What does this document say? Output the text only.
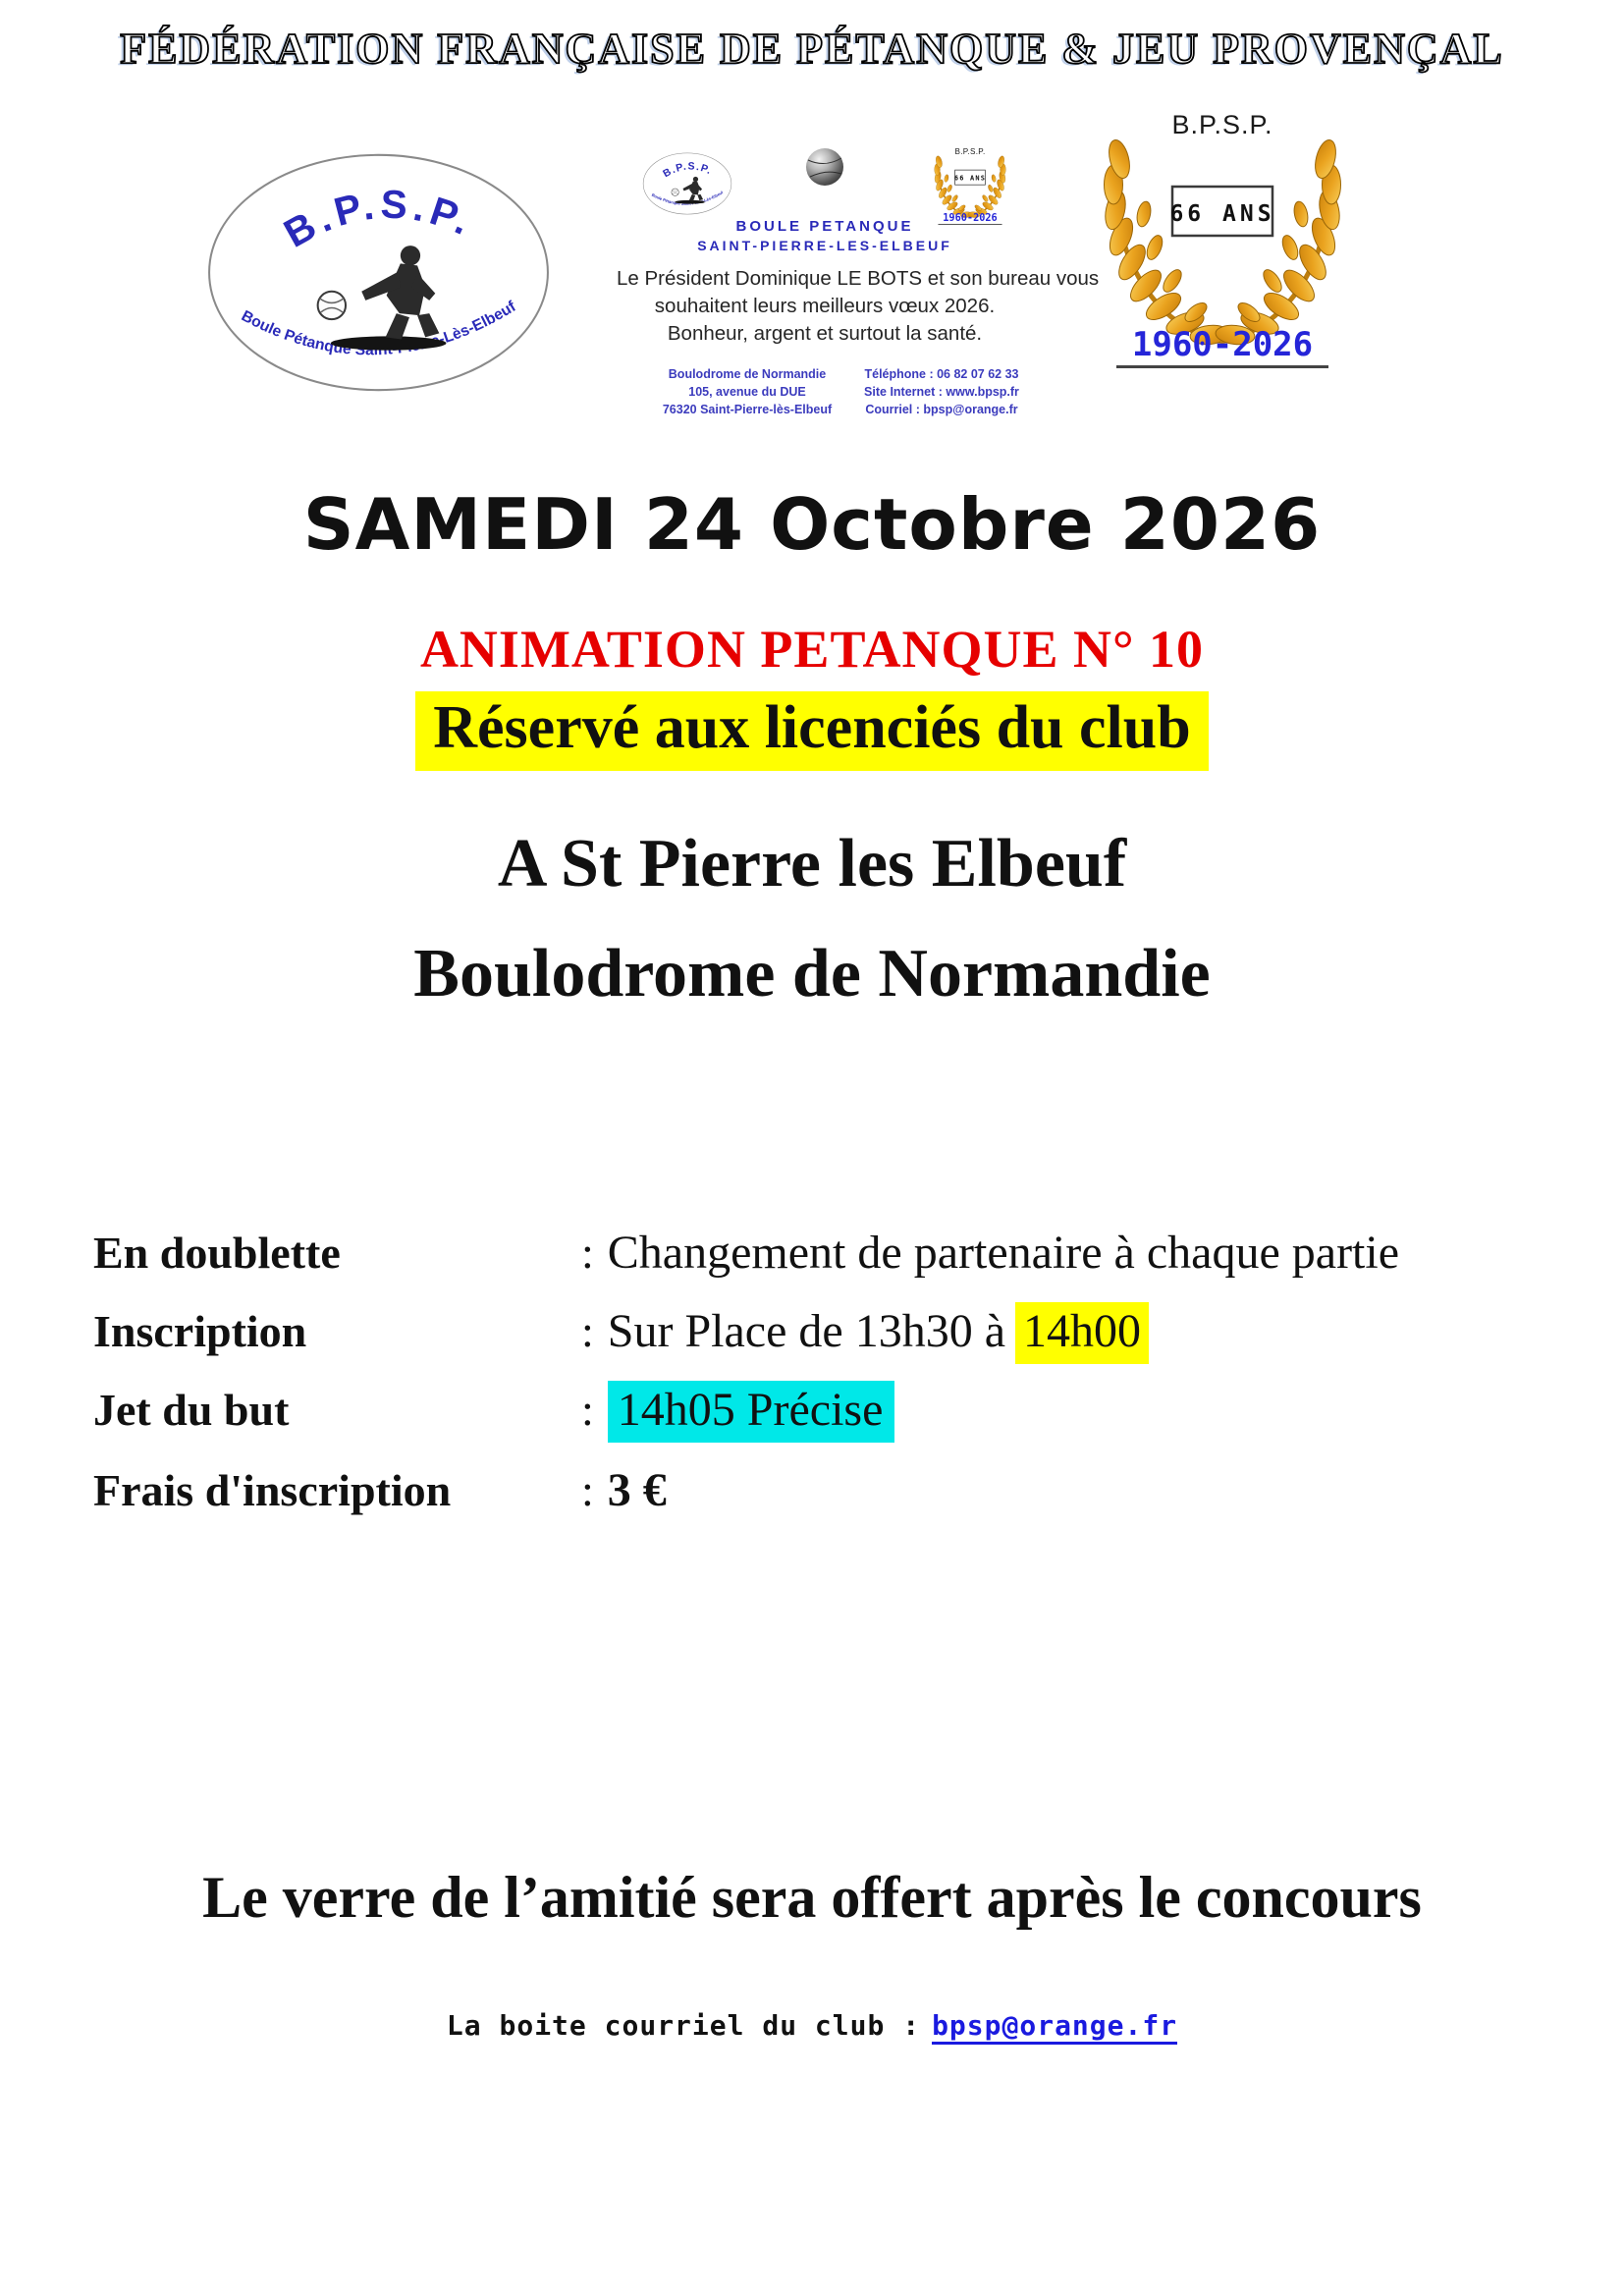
FÉDÉRATION FRANÇAISE DE PÉTANQUE & JEU PROVENÇAL
BOULE PETANQUE
SAINT-PIERRE-LES-ELBEUF
Le Président Dominique LE BOTS et son bureau vous
souhaitent leurs meilleurs vœux 2026.
Bonheur, argent et surtout la santé.
Boulodrome de Normandie
105, avenue du DUE
76320 Saint-Pierre-lès-Elbeuf
Téléphone : 06 82 07 62 33
Site Internet : www.bpsp.fr
Courriel : bpsp@orange.fr
SAMEDI 24 Octobre 2026
ANIMATION PETANQUE N° 10
Réservé aux licenciés du club
A St Pierre les Elbeuf
Boulodrome de Normandie
En doublette	: Changement de partenaire à chaque partie
Inscription	: Sur Place de 13h30 à 14h00
Jet du but	: 14h05 Précise
Frais d'inscription	: 3 €
Le verre de l’amitié sera offert après le concours
La boite courriel du club : bpsp@orange.fr
